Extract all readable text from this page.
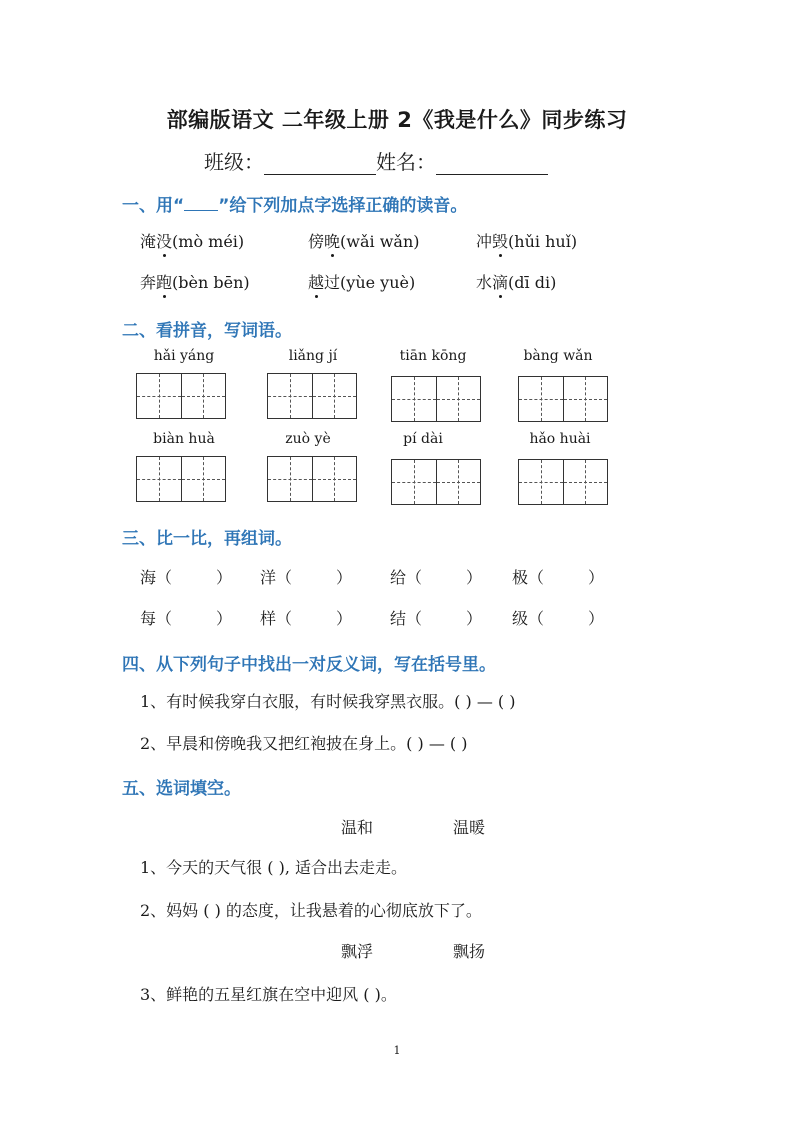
部编版语文 二年级上册 2《我是什么》同步练习
班级：	姓名：
一、用“ ”给下列加点字选择正确的读音。
淹没(mò méi)	傍晚(wǎi wǎn)	冲毁(hǔi huǐ)
奔跑(bèn bēn)	越过(yùe yuè)	水滴(dī di)
二、看拼音，写词语。
hǎi yáng	liǎng jí	tiān kōng	bàng wǎn
biàn huà	zuò yè	pí dài	hǎo huài
三、比一比，再组词。
海（	） 洋（	） 给（	） 极（	）
每（	） 样（	） 结（	） 级（	）
四、从下列句子中找出一对反义词，写在括号里。
1、有时候我穿白衣服，有时候我穿黑衣服。( ) — ( )
2、早晨和傍晚我又把红袍披在身上。( ) — ( )
五、选词填空。
温和	温暖
1、今天的天气很 ( ), 适合出去走走。
2、妈妈 ( ) 的态度，让我悬着的心彻底放下了。
飘浮	飘扬
3、鲜艳的五星红旗在空中迎风 ( )。
1
